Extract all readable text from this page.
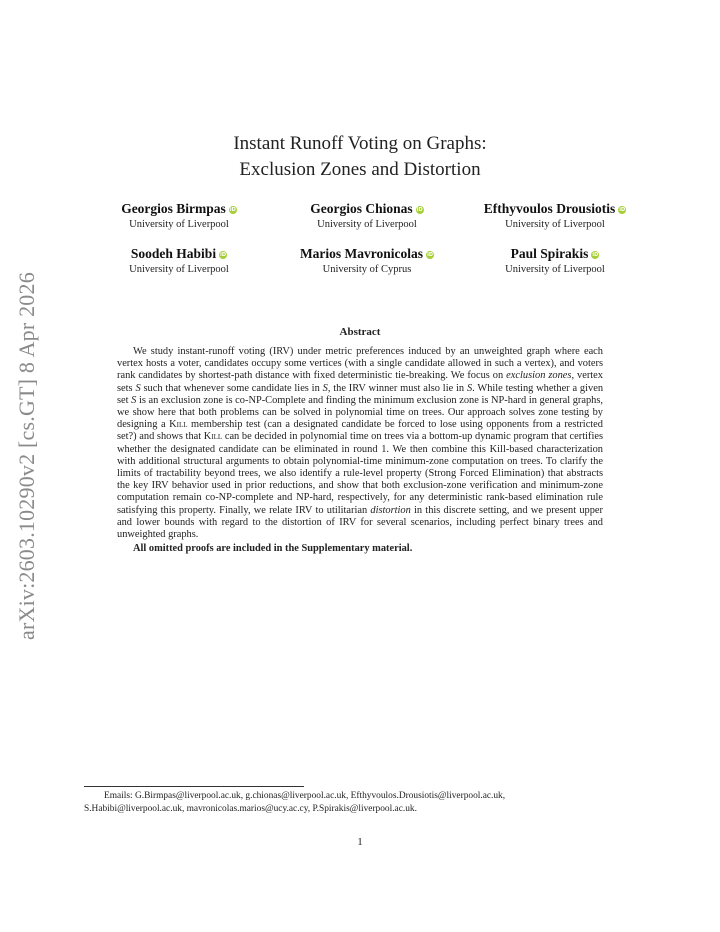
arXiv:2603.10290v2 [cs.GT] 8 Apr 2026
Instant Runoff Voting on Graphs:
Exclusion Zones and Distortion
Georgios Birmpas iD
University of Liverpool
Georgios Chionas iD
University of Liverpool
Efthyvoulos Drousiotis iD
University of Liverpool
Soodeh Habibi iD
University of Liverpool
Marios Mavronicolas iD
University of Cyprus
Paul Spirakis iD
University of Liverpool
Abstract

We study instant-runoff voting (IRV) under metric preferences induced by an unweighted graph where each vertex hosts a voter, candidates occupy some vertices (with a single candidate allowed in such a vertex), and voters rank candidates by shortest-path distance with fixed deterministic tie-breaking. We focus on exclusion zones, vertex sets S such that whenever some candidate lies in S, the IRV winner must also lie in S. While testing whether a given set S is an exclusion zone is co-NP-Complete and finding the minimum exclusion zone is NP-hard in general graphs, we show here that both problems can be solved in polynomial time on trees. Our approach solves zone testing by designing a Kill membership test (can a designated candidate be forced to lose using opponents from a restricted set?) and shows that Kill can be decided in polynomial time on trees via a bottom-up dynamic program that certifies whether the designated candidate can be eliminated in round 1. We then combine this Kill-based characterization with additional structural arguments to obtain polynomial-time minimum-zone computation on trees. To clarify the limits of tractability beyond trees, we also identify a rule-level property (Strong Forced Elimination) that abstracts the key IRV behavior used in prior reductions, and show that both exclusion-zone verification and minimum-zone computation remain co-NP-complete and NP-hard, respectively, for any deterministic rank-based elimination rule satisfying this property. Finally, we relate IRV to utilitarian distortion in this discrete setting, and we present upper and lower bounds with regard to the distortion of IRV for several scenarios, including perfect binary trees and unweighted graphs.

All omitted proofs are included in the Supplementary material.

Emails: G.Birmpas@liverpool.ac.uk, g.chionas@liverpool.ac.uk, Efthyvoulos.Drousiotis@liverpool.ac.uk,
S.Habibi@liverpool.ac.uk, mavronicolas.marios@ucy.ac.cy, P.Spirakis@liverpool.ac.uk.
1
